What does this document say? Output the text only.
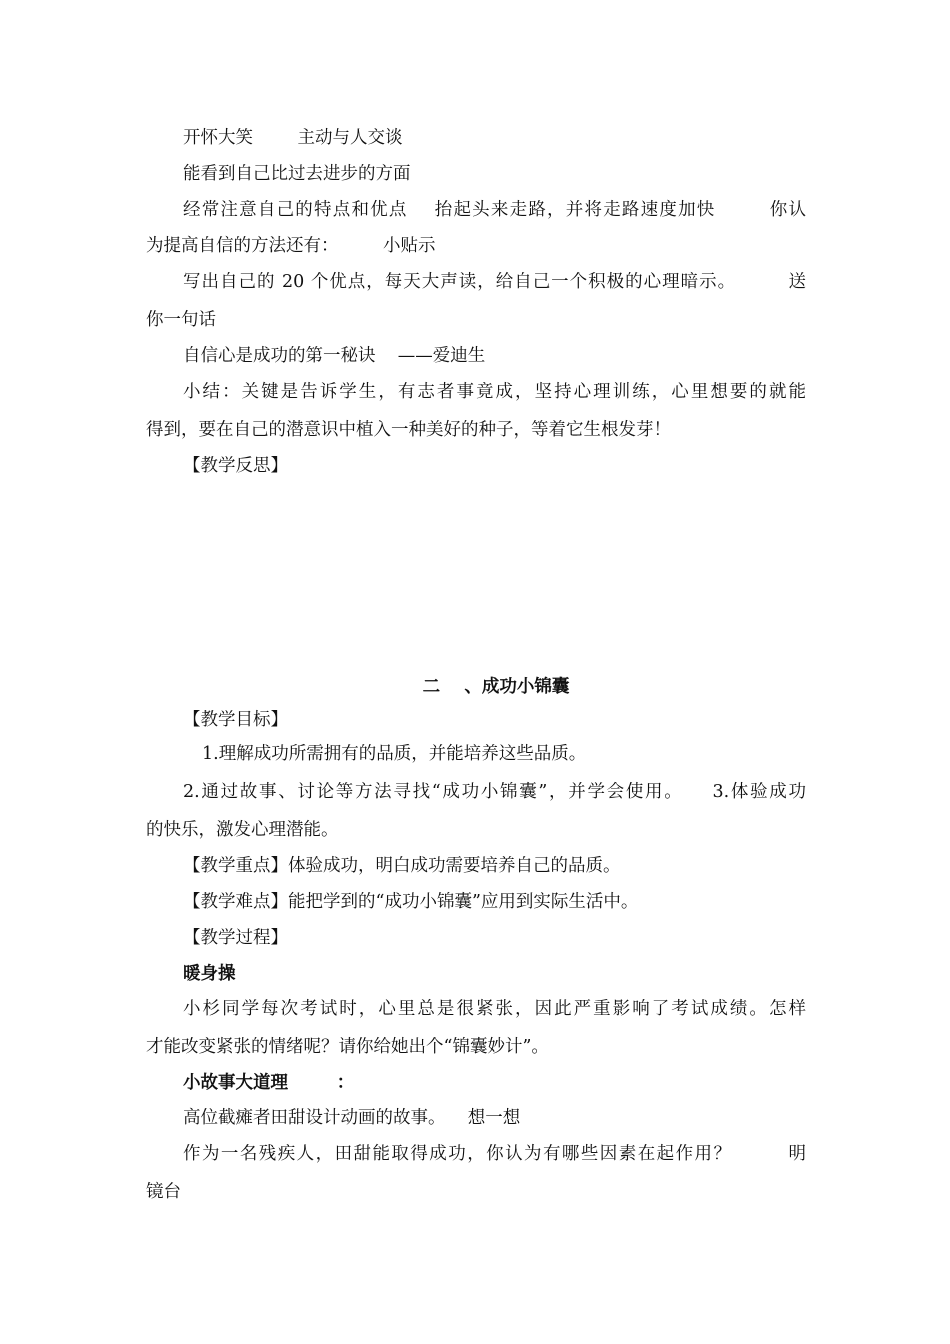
开怀大笑        主动与人交谈
能看到自己比过去进步的方面
经常注意自己的特点和优点    抬起头来走路，并将走路速度加快        你认
为提高自信的方法还有：        小贴示
写出自己的 20 个优点，每天大声读，给自己一个积极的心理暗示。        送
你一句话
自信心是成功的第一秘诀    ——爱迪生
小结：关键是告诉学生，有志者事竟成，坚持心理训练，心里想要的就能
得到，要在自己的潜意识中植入一种美好的种子，等着它生根发芽！
【教学反思】
二    、成功小锦囊
【教学目标】
1.理解成功所需拥有的品质，并能培养这些品质。
2.通过故事、讨论等方法寻找“成功小锦囊”，并学会使用。    3.体验成功
的快乐，激发心理潜能。
【教学重点】体验成功，明白成功需要培养自己的品质。
【教学难点】能把学到的“成功小锦囊”应用到实际生活中。
【教学过程】
暖身操
小杉同学每次考试时，心里总是很紧张，因此严重影响了考试成绩。怎样
才能改变紧张的情绪呢？请你给她出个“锦囊妙计”。
小故事大道理        ：
高位截瘫者田甜设计动画的故事。    想一想
作为一名残疾人，田甜能取得成功，你认为有哪些因素在起作用？        明
镜台
